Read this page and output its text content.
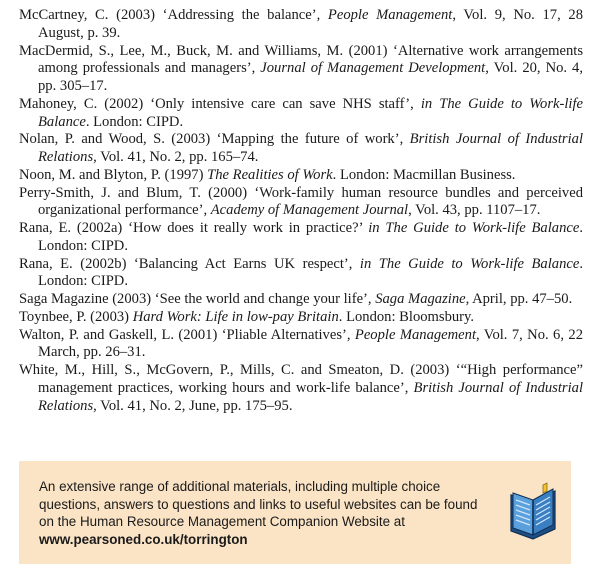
McCartney, C. (2003) ‘Addressing the balance’, People Management, Vol. 9, No. 17, 28 August, p. 39.

MacDermid, S., Lee, M., Buck, M. and Williams, M. (2001) ‘Alternative work arrangements among professionals and managers’, Journal of Management Development, Vol. 20, No. 4, pp. 305–17.

Mahoney, C. (2002) ‘Only intensive care can save NHS staff’, in The Guide to Work-life Balance. London: CIPD.

Nolan, P. and Wood, S. (2003) ‘Mapping the future of work’, British Journal of Industrial Relations, Vol. 41, No. 2, pp. 165–74.

Noon, M. and Blyton, P. (1997) The Realities of Work. London: Macmillan Business.

Perry-Smith, J. and Blum, T. (2000) ‘Work-family human resource bundles and perceived organizational performance’, Academy of Management Journal, Vol. 43, pp. 1107–17.

Rana, E. (2002a) ‘How does it really work in practice?’ in The Guide to Work-life Balance. London: CIPD.

Rana, E. (2002b) ‘Balancing Act Earns UK respect’, in The Guide to Work-life Balance. London: CIPD.

Saga Magazine (2003) ‘See the world and change your life’, Saga Magazine, April, pp. 47–50.

Toynbee, P. (2003) Hard Work: Life in low-pay Britain. London: Bloomsbury.

Walton, P. and Gaskell, L. (2001) ‘Pliable Alternatives’, People Management, Vol. 7, No. 6, 22 March, pp. 26–31.

White, M., Hill, S., McGovern, P., Mills, C. and Smeaton, D. (2003) ‘“High performance” management practices, working hours and work-life balance’, British Journal of Industrial Relations, Vol. 41, No. 2, June, pp. 175–95.

An extensive range of additional materials, including multiple choice questions, answers to questions and links to useful websites can be found on the Human Resource Management Companion Website at
www.pearsoned.co.uk/torrington
